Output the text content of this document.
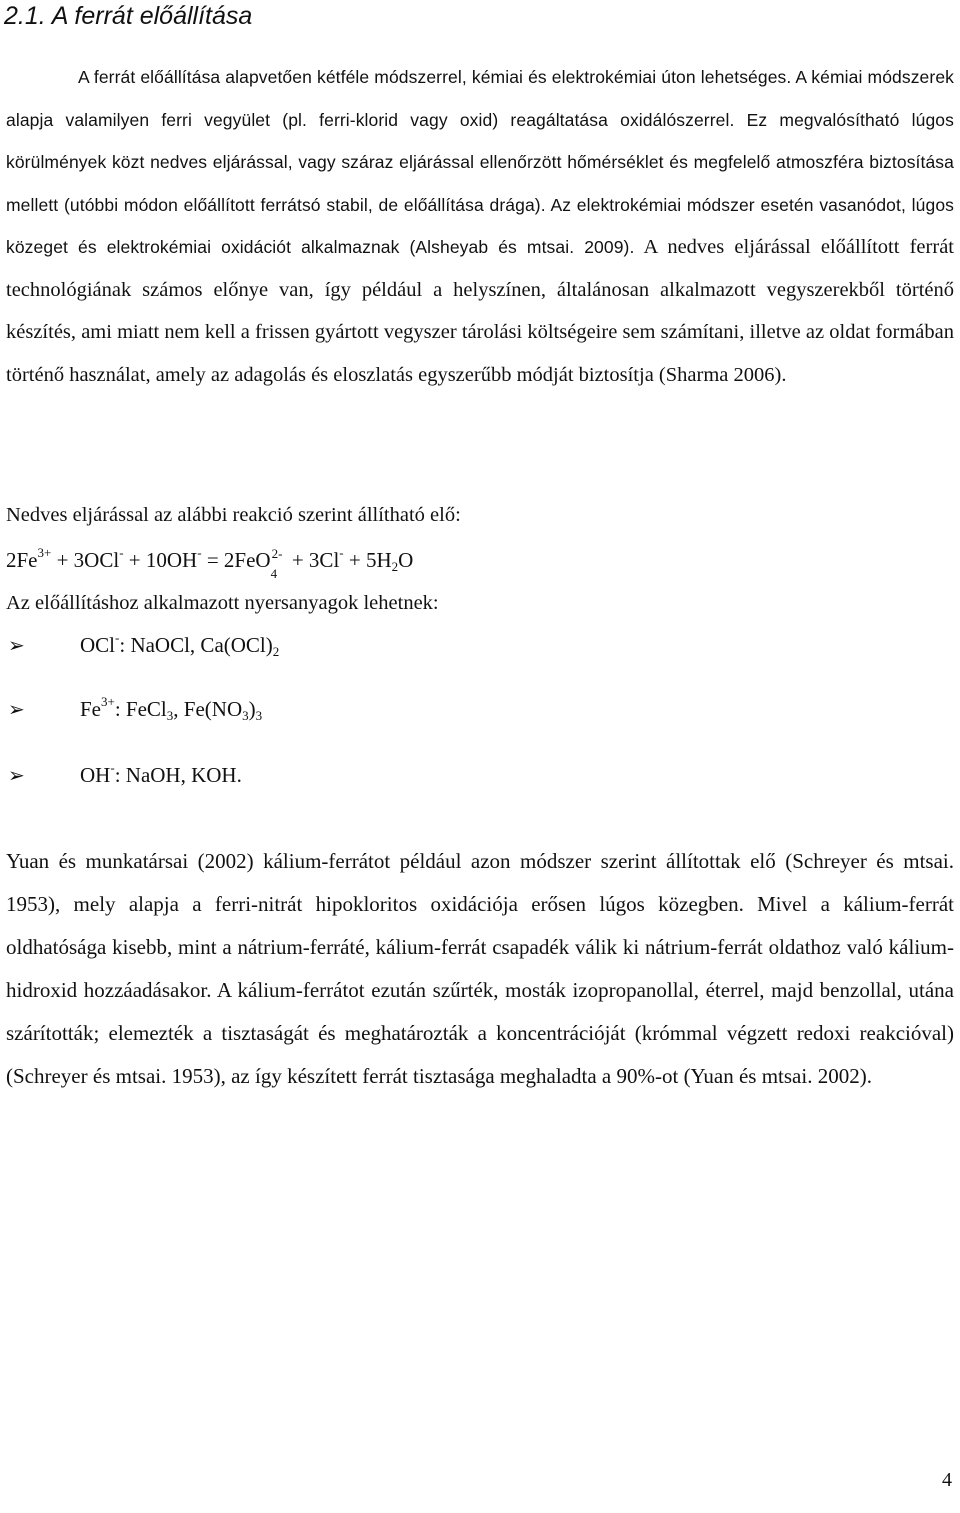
2.1. A ferrát előállítása

A ferrát előállítása alapvetően kétféle módszerrel, kémiai és elektrokémiai úton lehetséges. A kémiai módszerek alapja valamilyen ferri vegyület (pl. ferri-klorid vagy oxid) reagáltatása oxidálószerrel. Ez megvalósítható lúgos körülmények közt nedves eljárással, vagy száraz eljárással ellenőrzött hőmérséklet és megfelelő atmoszféra biztosítása mellett (utóbbi módon előállított ferrátsó stabil, de előállítása drága). Az elektrokémiai módszer esetén vasanódot, lúgos közeget és elektrokémiai oxidációt alkalmaznak (Alsheyab és mtsai. 2009). A nedves eljárással előállított ferrát technológiának számos előnye van, így például a helyszínen, általánosan alkalmazott vegyszerekből történő készítés, ami miatt nem kell a frissen gyártott vegyszer tárolási költségeire sem számítani, illetve az oldat formában történő használat, amely az adagolás és eloszlatás egyszerűbb módját biztosítja (Sharma 2006).

Nedves eljárással az alábbi reakció szerint állítható elő:
$2Fe^{3+} + 3OCl^- + 10OH^- = 2FeO$ 2-
4
+ $3Cl^- + 5H_2O$
Az előállításhoz alkalmazott nyersanyagok lehetnek:
➢	OCl-: NaOCl, $Ca(OCl)_2$
➢	$Fe^{3+}$: FeCl$_3$, $Fe(NO_3)_3$
➢	OH-: NaOH, KOH.

Yuan és munkatársai (2002) kálium-ferrátot például azon módszer szerint állítottak elő (Schreyer és mtsai. 1953), mely alapja a ferri-nitrát hipokloritos oxidációja erősen lúgos közegben. Mivel a kálium-ferrát oldhatósága kisebb, mint a nátrium-ferráté, kálium-ferrát csapadék válik ki nátrium-ferrát oldathoz való kálium-hidroxid hozzáadásakor. A kálium-ferrátot ezután szűrték, mosták izopropanollal, éterrel, majd benzollal, utána szárították; elemezték a tisztaságát és meghatározták a koncentrációját (krómmal végzett redoxi reakcióval) (Schreyer és mtsai. 1953), az így készített ferrát tisztasága meghaladta a 90%-ot (Yuan és mtsai. 2002).

4
